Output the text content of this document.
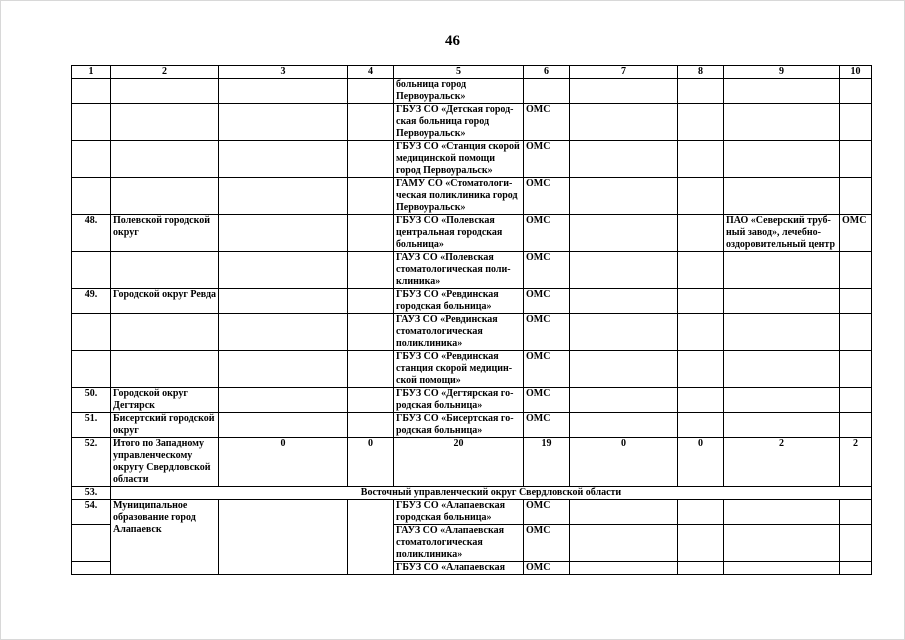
46
1	2	3	4	5	6	7	8	9	10
				больница город Первоуральск»					
				ГБУЗ СО «Детская город-ская больница город Первоуральск»	ОМС				
				ГБУЗ СО «Станция скорой медицинской помощи город Первоуральск»	ОМС				
				ГАМУ СО «Стоматологи-ческая поликлиника город Первоуральск»	ОМС				
48.	Полевской городской округ			ГБУЗ СО «Полевская центральная городская больница»	ОМС			ПАО «Северский труб-ный завод», лечебно-оздоровительный центр	ОМС
				ГАУЗ СО «Полевская стоматологическая поли-клиника»	ОМС				
49.	Городской округ Ревда			ГБУЗ СО «Ревдинская городская больница»	ОМС				
				ГАУЗ СО «Ревдинская стоматологическая поликлиника»	ОМС				
				ГБУЗ СО «Ревдинская станция скорой медицин-ской помощи»	ОМС				
50.	Городской округ Дегтярск			ГБУЗ СО «Дегтярская го-родская больница»	ОМС				
51.	Бисертский городской округ			ГБУЗ СО «Бисертская го-родская больница»	ОМС				
52.	Итого по Западному управленческому округу Свердловской области	0	0	20	19	0	0	2	2
53.	Восточный управленческий округ Свердловской области								
54.	Муниципальное образование город Алапаевск			ГБУЗ СО «Алапаевская городская больница»	ОМС				
				ГАУЗ СО «Алапаевская стоматологическая поликлиника»	ОМС				
				ГБУЗ СО «Алапаевская	ОМС				
